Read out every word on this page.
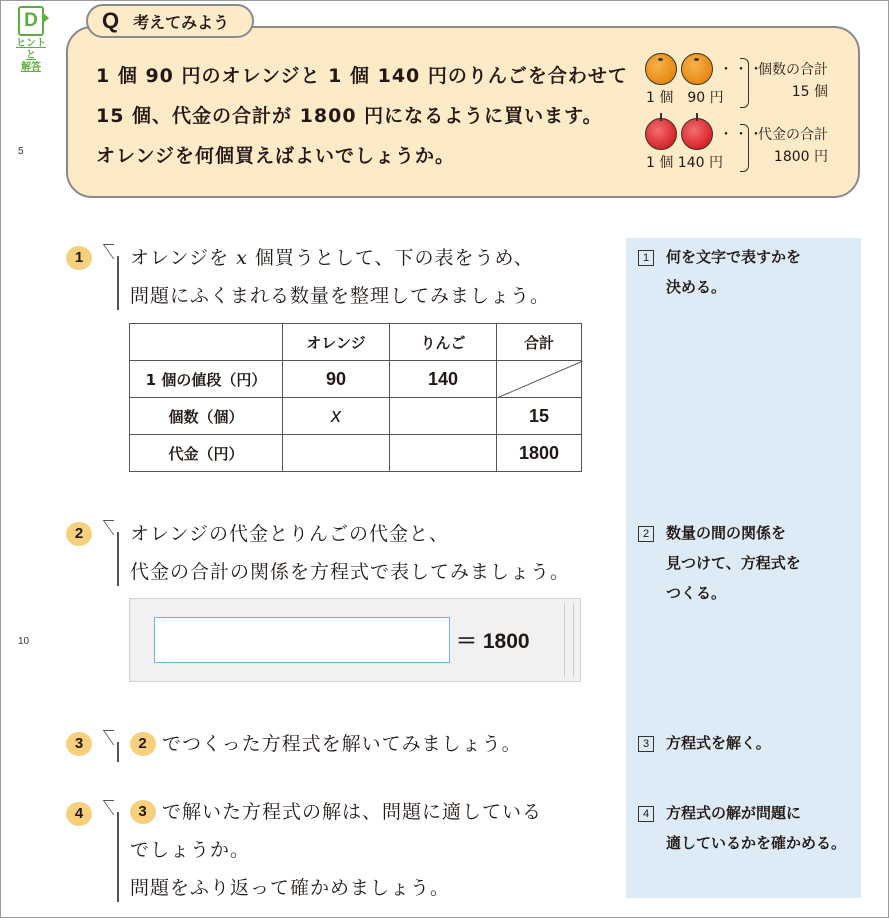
D
ヒントと
解答
5
10
Q 考えてみよう
1 個 90 円のオレンジと 1 個 140 円のりんごを合わせて
15 個、代金の合計が 1800 円になるように買います。
オレンジを何個買えばよいでしょうか。
・・・
1 個　90 円
個数の合計
15 個
・・・
1 個 140 円
代金の合計
1800 円
1 何を文字で表すかを
決める。
2 数量の間の関係を
見つけて、方程式を
つくる。
3 方程式を解く。
4 方程式の解が問題に
適しているかを確かめる。
1	オレンジを x 個買うとして、下の表をうめ、
問題にふくまれる数量を整理してみましょう。
	オレンジ	りんご	合計
1 個の値段（円）	90	140	

個数（個）	x		15
代金（円）			1800
2	オレンジの代金とりんごの代金と、
代金の合計の関係を方程式で表してみましょう。
＝ 1800
3	2 でつくった方程式を解いてみましょう。
4	3 で解いた方程式の解は、問題に適している
でしょうか。
問題をふり返って確かめましょう。
